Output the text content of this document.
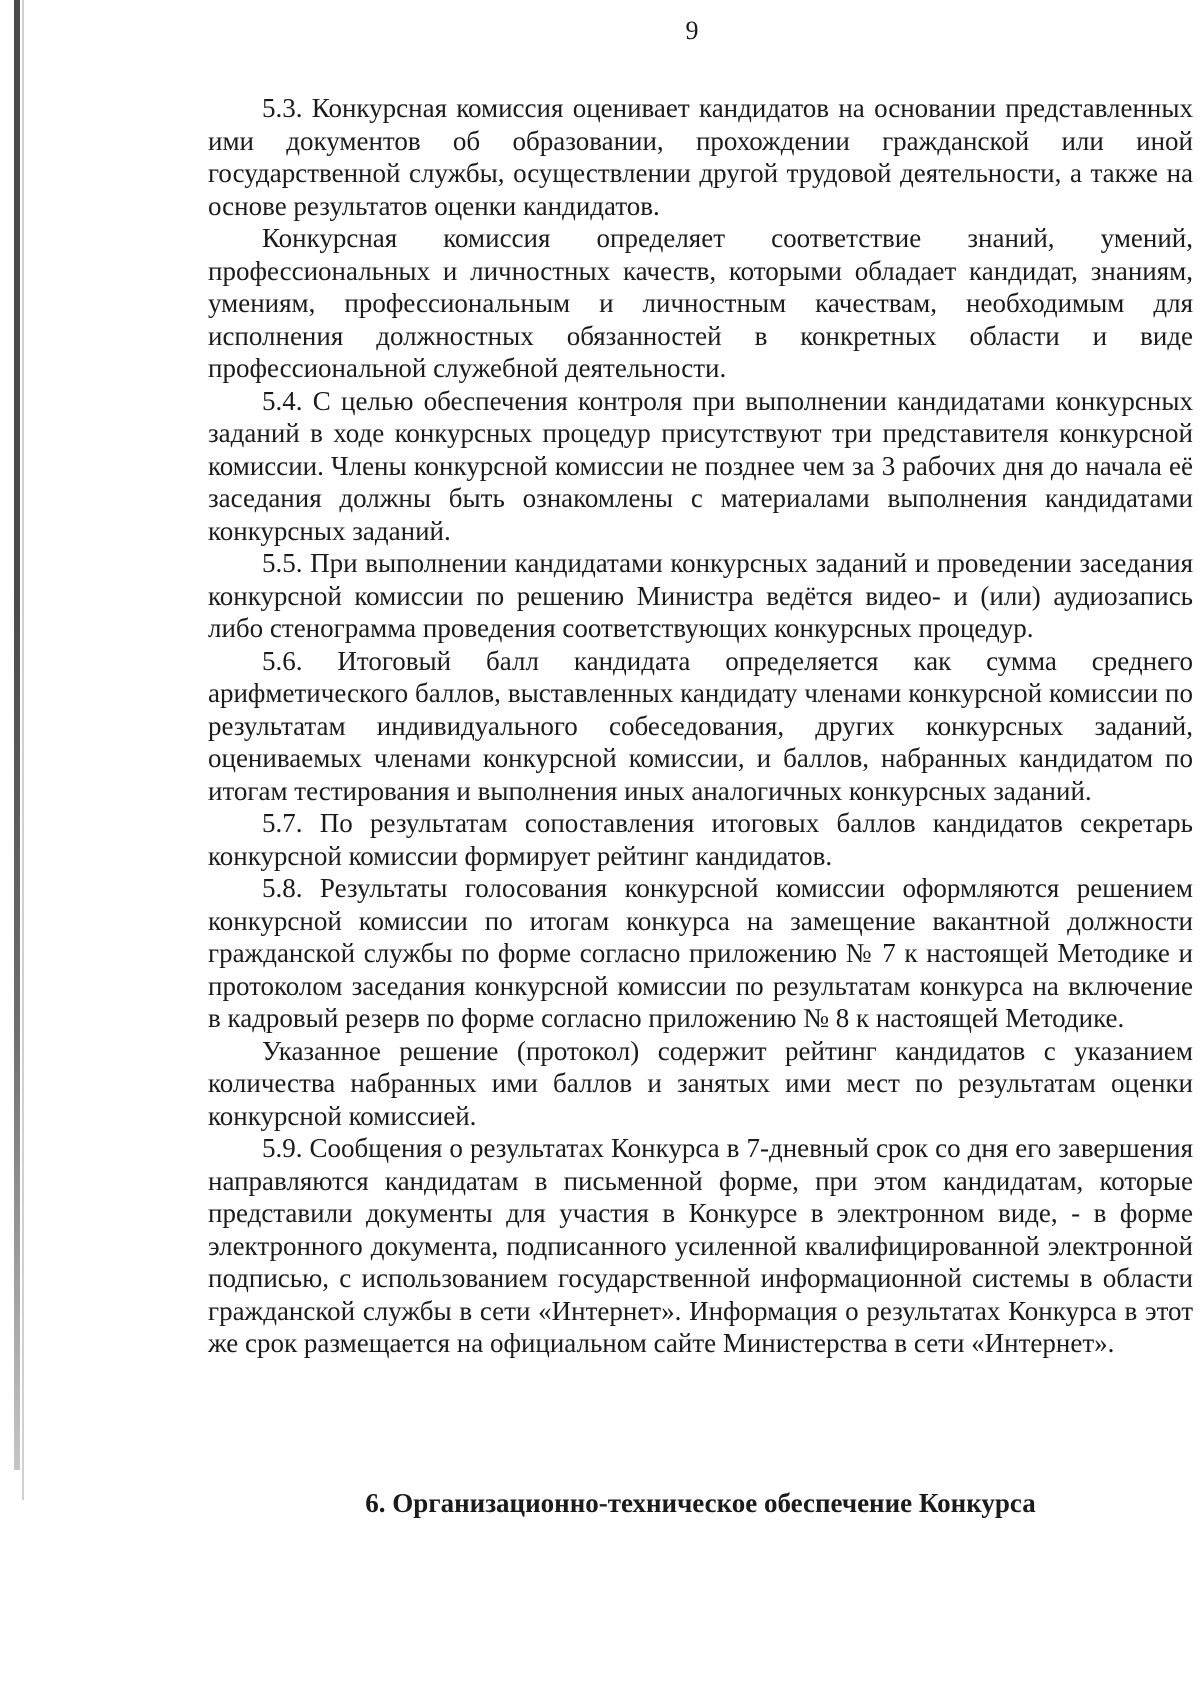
9

5.3. Конкурсная комиссия оценивает кандидатов на основании представленных ими документов об образовании, прохождении гражданской или иной государственной службы, осуществлении другой трудовой деятельности, а также на основе результатов оценки кандидатов.

Конкурсная комиссия определяет соответствие знаний, умений, профессиональных и личностных качеств, которыми обладает кандидат, знаниям, умениям, профессиональным и личностным качествам, необходимым для исполнения должностных обязанностей в конкретных области и виде профессиональной служебной деятельности.

5.4. С целью обеспечения контроля при выполнении кандидатами конкурсных заданий в ходе конкурсных процедур присутствуют три представителя конкурсной комиссии. Члены конкурсной комиссии не позднее чем за 3 рабочих дня до начала её заседания должны быть ознакомлены с материалами выполнения кандидатами конкурсных заданий.

5.5. При выполнении кандидатами конкурсных заданий и проведении заседания конкурсной комиссии по решению Министра ведётся видео- и (или) аудиозапись либо стенограмма проведения соответствующих конкурсных процедур.

5.6. Итоговый балл кандидата определяется как сумма среднего арифметического баллов, выставленных кандидату членами конкурсной комиссии по результатам индивидуального собеседования, других конкурсных заданий, оцениваемых членами конкурсной комиссии, и баллов, набранных кандидатом по итогам тестирования и выполнения иных аналогичных конкурсных заданий.

5.7. По результатам сопоставления итоговых баллов кандидатов секретарь конкурсной комиссии формирует рейтинг кандидатов.

5.8. Результаты голосования конкурсной комиссии оформляются решением конкурсной комиссии по итогам конкурса на замещение вакантной должности гражданской службы по форме согласно приложению № 7 к настоящей Методике и протоколом заседания конкурсной комиссии по результатам конкурса на включение в кадровый резерв по форме согласно приложению № 8 к настоящей Методике.

Указанное решение (протокол) содержит рейтинг кандидатов с указанием количества набранных ими баллов и занятых ими мест по результатам оценки конкурсной комиссией.

5.9. Сообщения о результатах Конкурса в 7-дневный срок со дня его завершения направляются кандидатам в письменной форме, при этом кандидатам, которые представили документы для участия в Конкурсе в электронном виде, - в форме электронного документа, подписанного усиленной квалифицированной электронной подписью, с использованием государственной информационной системы в области гражданской службы в сети «Интернет». Информация о результатах Конкурса в этот же срок размещается на официальном сайте Министерства в сети «Интернет».

6. Организационно-техническое обеспечение Конкурса
